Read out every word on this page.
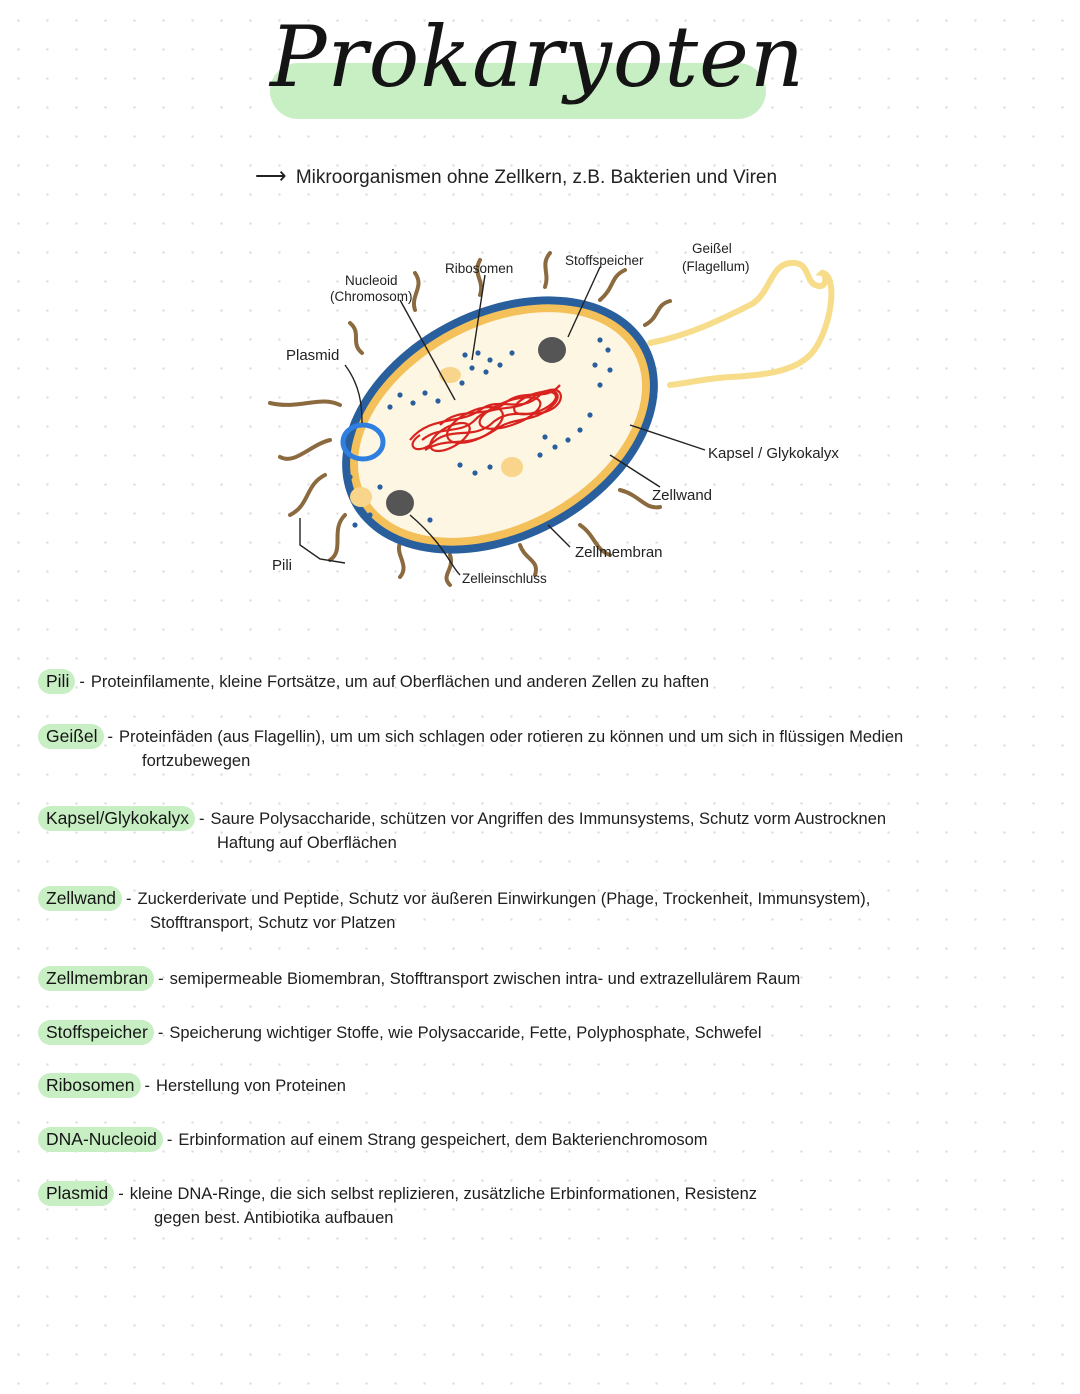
Prokaryoten
⟶ Mikroorganismen ohne Zellkern, z.B. Bakterien und Viren
Nucleoid
(Chromosom)
Ribosomen
Stoffspeicher
Geißel
(Flagellum)
Plasmid
Kapsel / Glykokalyx
Zellwand
Zellmembran
Pili
Zelleinschluss
Pili - Proteinfilamente, kleine Fortsätze, um auf Oberflächen und anderen Zellen zu haften
Geißel - Proteinfäden (aus Flagellin), um um sich schlagen oder rotieren zu können und um sich in flüssigen Medien
fortzubewegen
Kapsel/Glykokalyx - Saure Polysaccharide, schützen vor Angriffen des Immunsystems, Schutz vorm Austrocknen
Haftung auf Oberflächen
Zellwand - Zuckerderivate und Peptide, Schutz vor äußeren Einwirkungen (Phage, Trockenheit, Immunsystem),
Stofftransport, Schutz vor Platzen
Zellmembran - semipermeable Biomembran, Stofftransport zwischen intra- und extrazellulärem Raum
Stoffspeicher - Speicherung wichtiger Stoffe, wie Polysaccaride, Fette, Polyphosphate, Schwefel
Ribosomen - Herstellung von Proteinen
DNA-Nucleoid - Erbinformation auf einem Strang gespeichert, dem Bakterienchromosom
Plasmid - kleine DNA-Ringe, die sich selbst replizieren, zusätzliche Erbinformationen, Resistenz
gegen best. Antibiotika aufbauen
